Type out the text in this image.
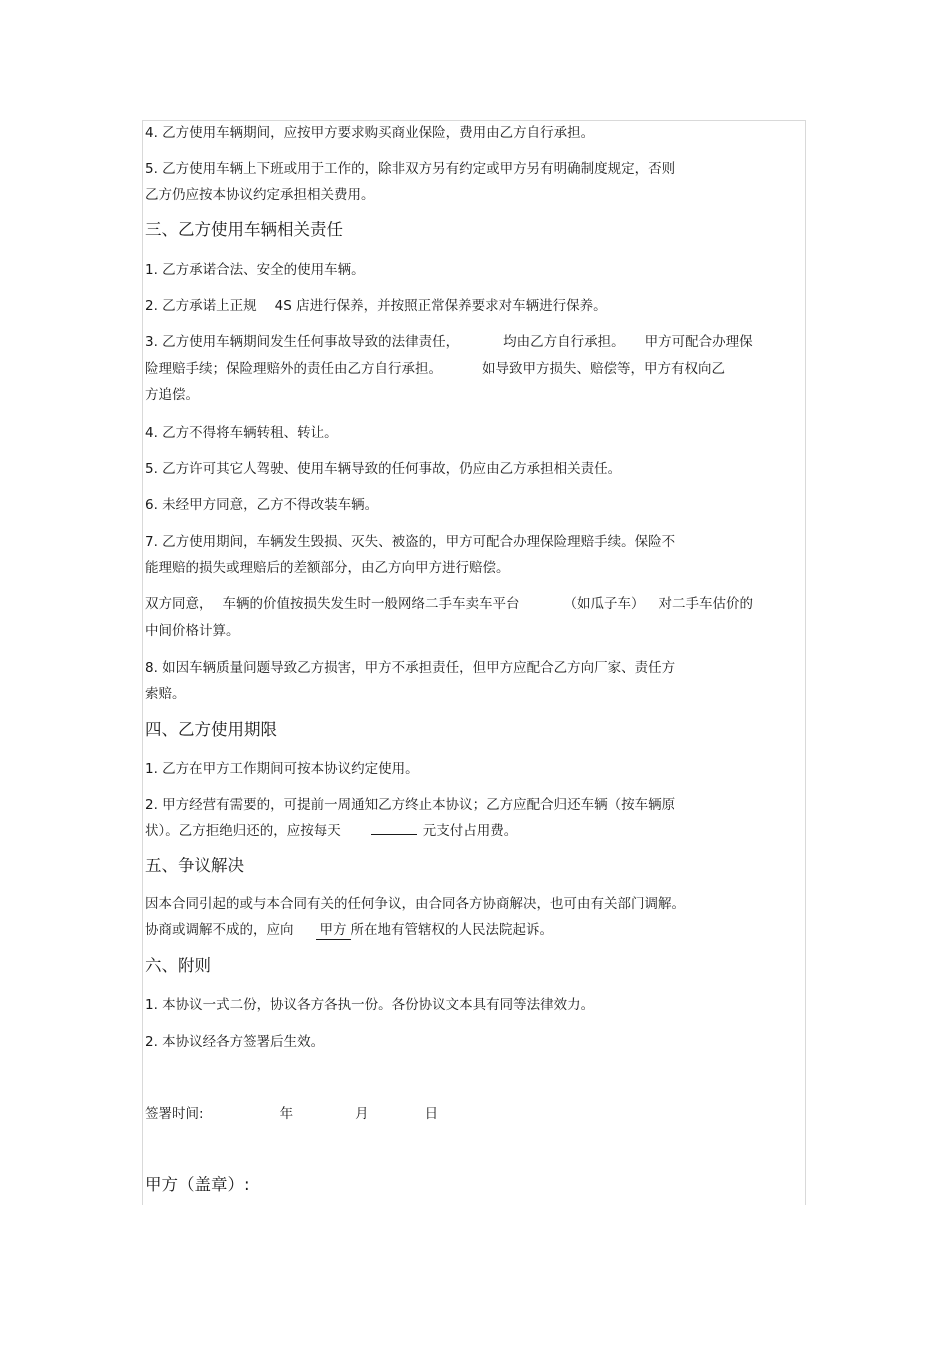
4. 乙方使用车辆期间，应按甲方要求购买商业保险，费用由乙方自行承担。
5. 乙方使用车辆上下班或用于工作的，除非双方另有约定或甲方另有明确制度规定，否则
乙方仍应按本协议约定承担相关费用。
三、乙方使用车辆相关责任
1. 乙方承诺合法、安全的使用车辆。
2. 乙方承诺上正规 4S 店进行保养，并按照正常保养要求对车辆进行保养。
3. 乙方使用车辆期间发生任何事故导致的法律责任，	均由乙方自行承担。 甲方可配合办理保
险理赔手续；保险理赔外的责任由乙方自行承担。	如导致甲方损失、赔偿等，甲方有权向乙
方追偿。
4. 乙方不得将车辆转租、转让。
5. 乙方许可其它人驾驶、使用车辆导致的任何事故，仍应由乙方承担相关责任。
6. 未经甲方同意，乙方不得改装车辆。
7. 乙方使用期间，车辆发生毁损、灭失、被盗的，甲方可配合办理保险理赔手续。保险不
能理赔的损失或理赔后的差额部分，由乙方向甲方进行赔偿。
双方同意， 车辆的价值按损失发生时一般网络二手车卖车平台	（如瓜子车） 对二手车估价的
中间价格计算。
8. 如因车辆质量问题导致乙方损害，甲方不承担责任，但甲方应配合乙方向厂家、责任方
索赔。
四、乙方使用期限
1. 乙方在甲方工作期间可按本协议约定使用。
2. 甲方经营有需要的，可提前一周通知乙方终止本协议；乙方应配合归还车辆（按车辆原
状）。乙方拒绝归还的，应按每天	元支付占用费。
五、争议解决
因本合同引起的或与本合同有关的任何争议，由合同各方协商解决，也可由有关部门调解。
协商或调解不成的，应向 甲方 所在地有管辖权的人民法院起诉。
六、附则
1. 本协议一式二份，协议各方各执一份。各份协议文本具有同等法律效力。
2. 本协议经各方签署后生效。
签署时间:	年	月	日
甲方（盖章）:
